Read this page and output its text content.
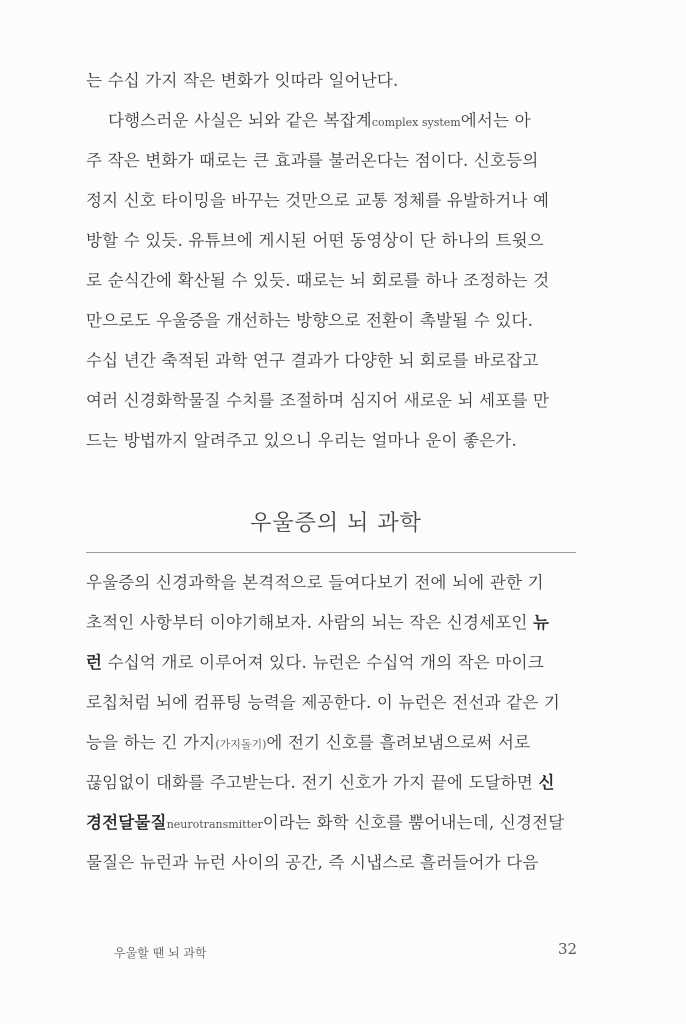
는 수십 가지 작은 변화가 잇따라 일어난다.
다행스러운 사실은 뇌와 같은 복잡계complex system에서는 아
주 작은 변화가 때로는 큰 효과를 불러온다는 점이다. 신호등의
정지 신호 타이밍을 바꾸는 것만으로 교통 정체를 유발하거나 예
방할 수 있듯. 유튜브에 게시된 어떤 동영상이 단 하나의 트윗으
로 순식간에 확산될 수 있듯. 때로는 뇌 회로를 하나 조정하는 것
만으로도 우울증을 개선하는 방향으로 전환이 촉발될 수 있다.
수십 년간 축적된 과학 연구 결과가 다양한 뇌 회로를 바로잡고
여러 신경화학물질 수치를 조절하며 심지어 새로운 뇌 세포를 만
드는 방법까지 알려주고 있으니 우리는 얼마나 운이 좋은가.
우울증의 뇌 과학
우울증의 신경과학을 본격적으로 들여다보기 전에 뇌에 관한 기
초적인 사항부터 이야기해보자. 사람의 뇌는 작은 신경세포인 뉴
런 수십억 개로 이루어져 있다. 뉴런은 수십억 개의 작은 마이크
로칩처럼 뇌에 컴퓨팅 능력을 제공한다. 이 뉴런은 전선과 같은 기
능을 하는 긴 가지(가지돌기)에 전기 신호를 흘려보냄으로써 서로
끊임없이 대화를 주고받는다. 전기 신호가 가지 끝에 도달하면 신
경전달물질neurotransmitter이라는 화학 신호를 뿜어내는데, 신경전달
물질은 뉴런과 뉴런 사이의 공간, 즉 시냅스로 흘러들어가 다음
우울할 땐 뇌 과학	32
